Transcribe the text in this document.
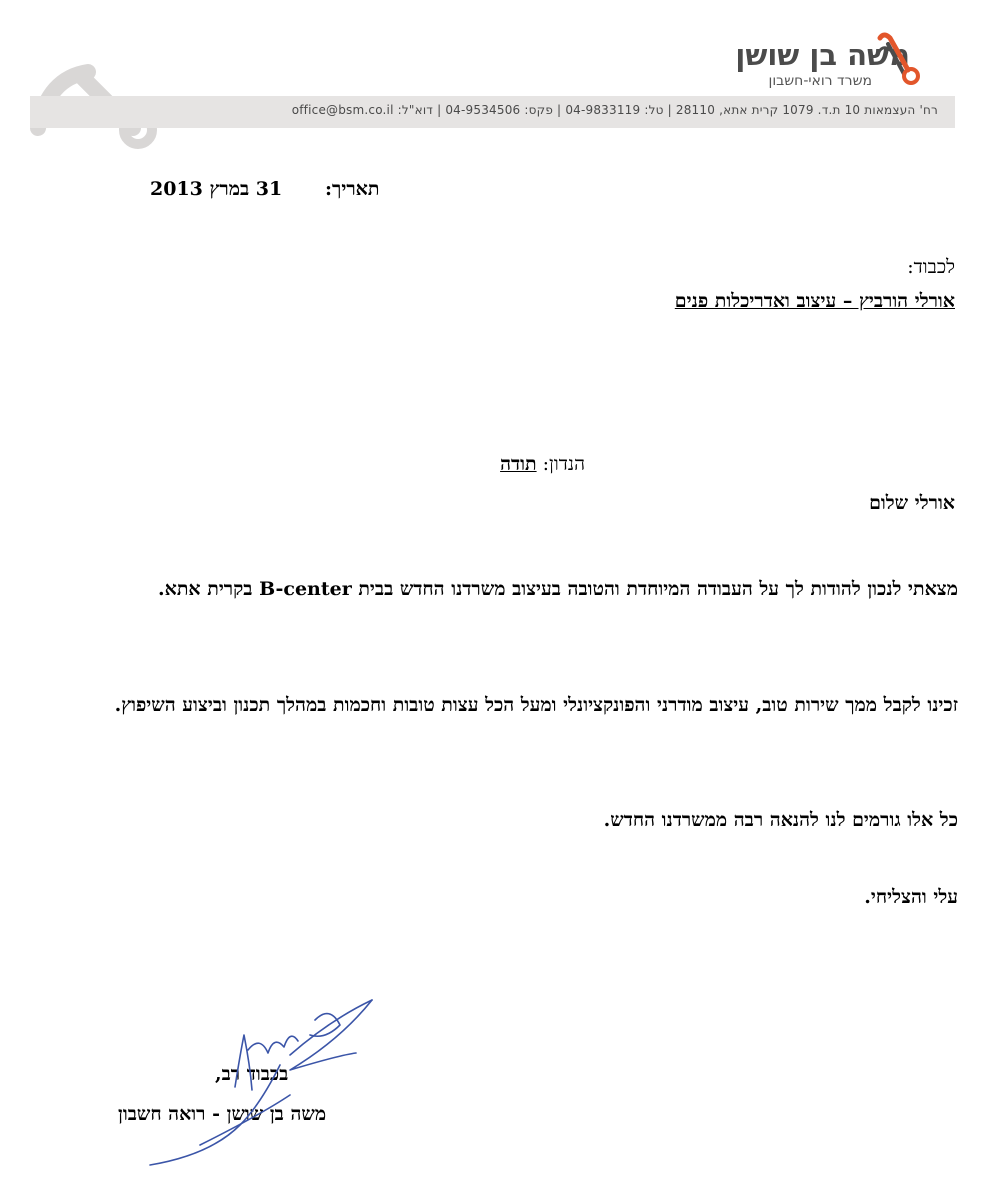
רח' העצמאות 10 ת.ד. 1079 קרית אתא, 28110 | טל: 04-9833119 | פקס: 04-9534506 | דוא"ל: office@bsm.co.il
משה בן שושן
משרד רואי-חשבון
תאריך:
31 במרץ 2013
לכבוד:
אורלי הורביץ – עיצוב ואדריכלות פנים
הנדון: תודה
אורלי שלום
מצאתי לנכון להודות לך על העבודה המיוחדת והטובה בעיצוב משרדנו החדש בבית B-center בקרית אתא.
זכינו לקבל ממך שירות טוב, עיצוב מודרני והפונקציונלי ומעל הכל עצות טובות וחכמות במהלך תכנון וביצוע השיפוץ.
כל אלו גורמים לנו להנאה רבה ממשרדנו החדש.
עלי והצליחי.
בכבוד רב,
משה בן שושן - רואה חשבון
